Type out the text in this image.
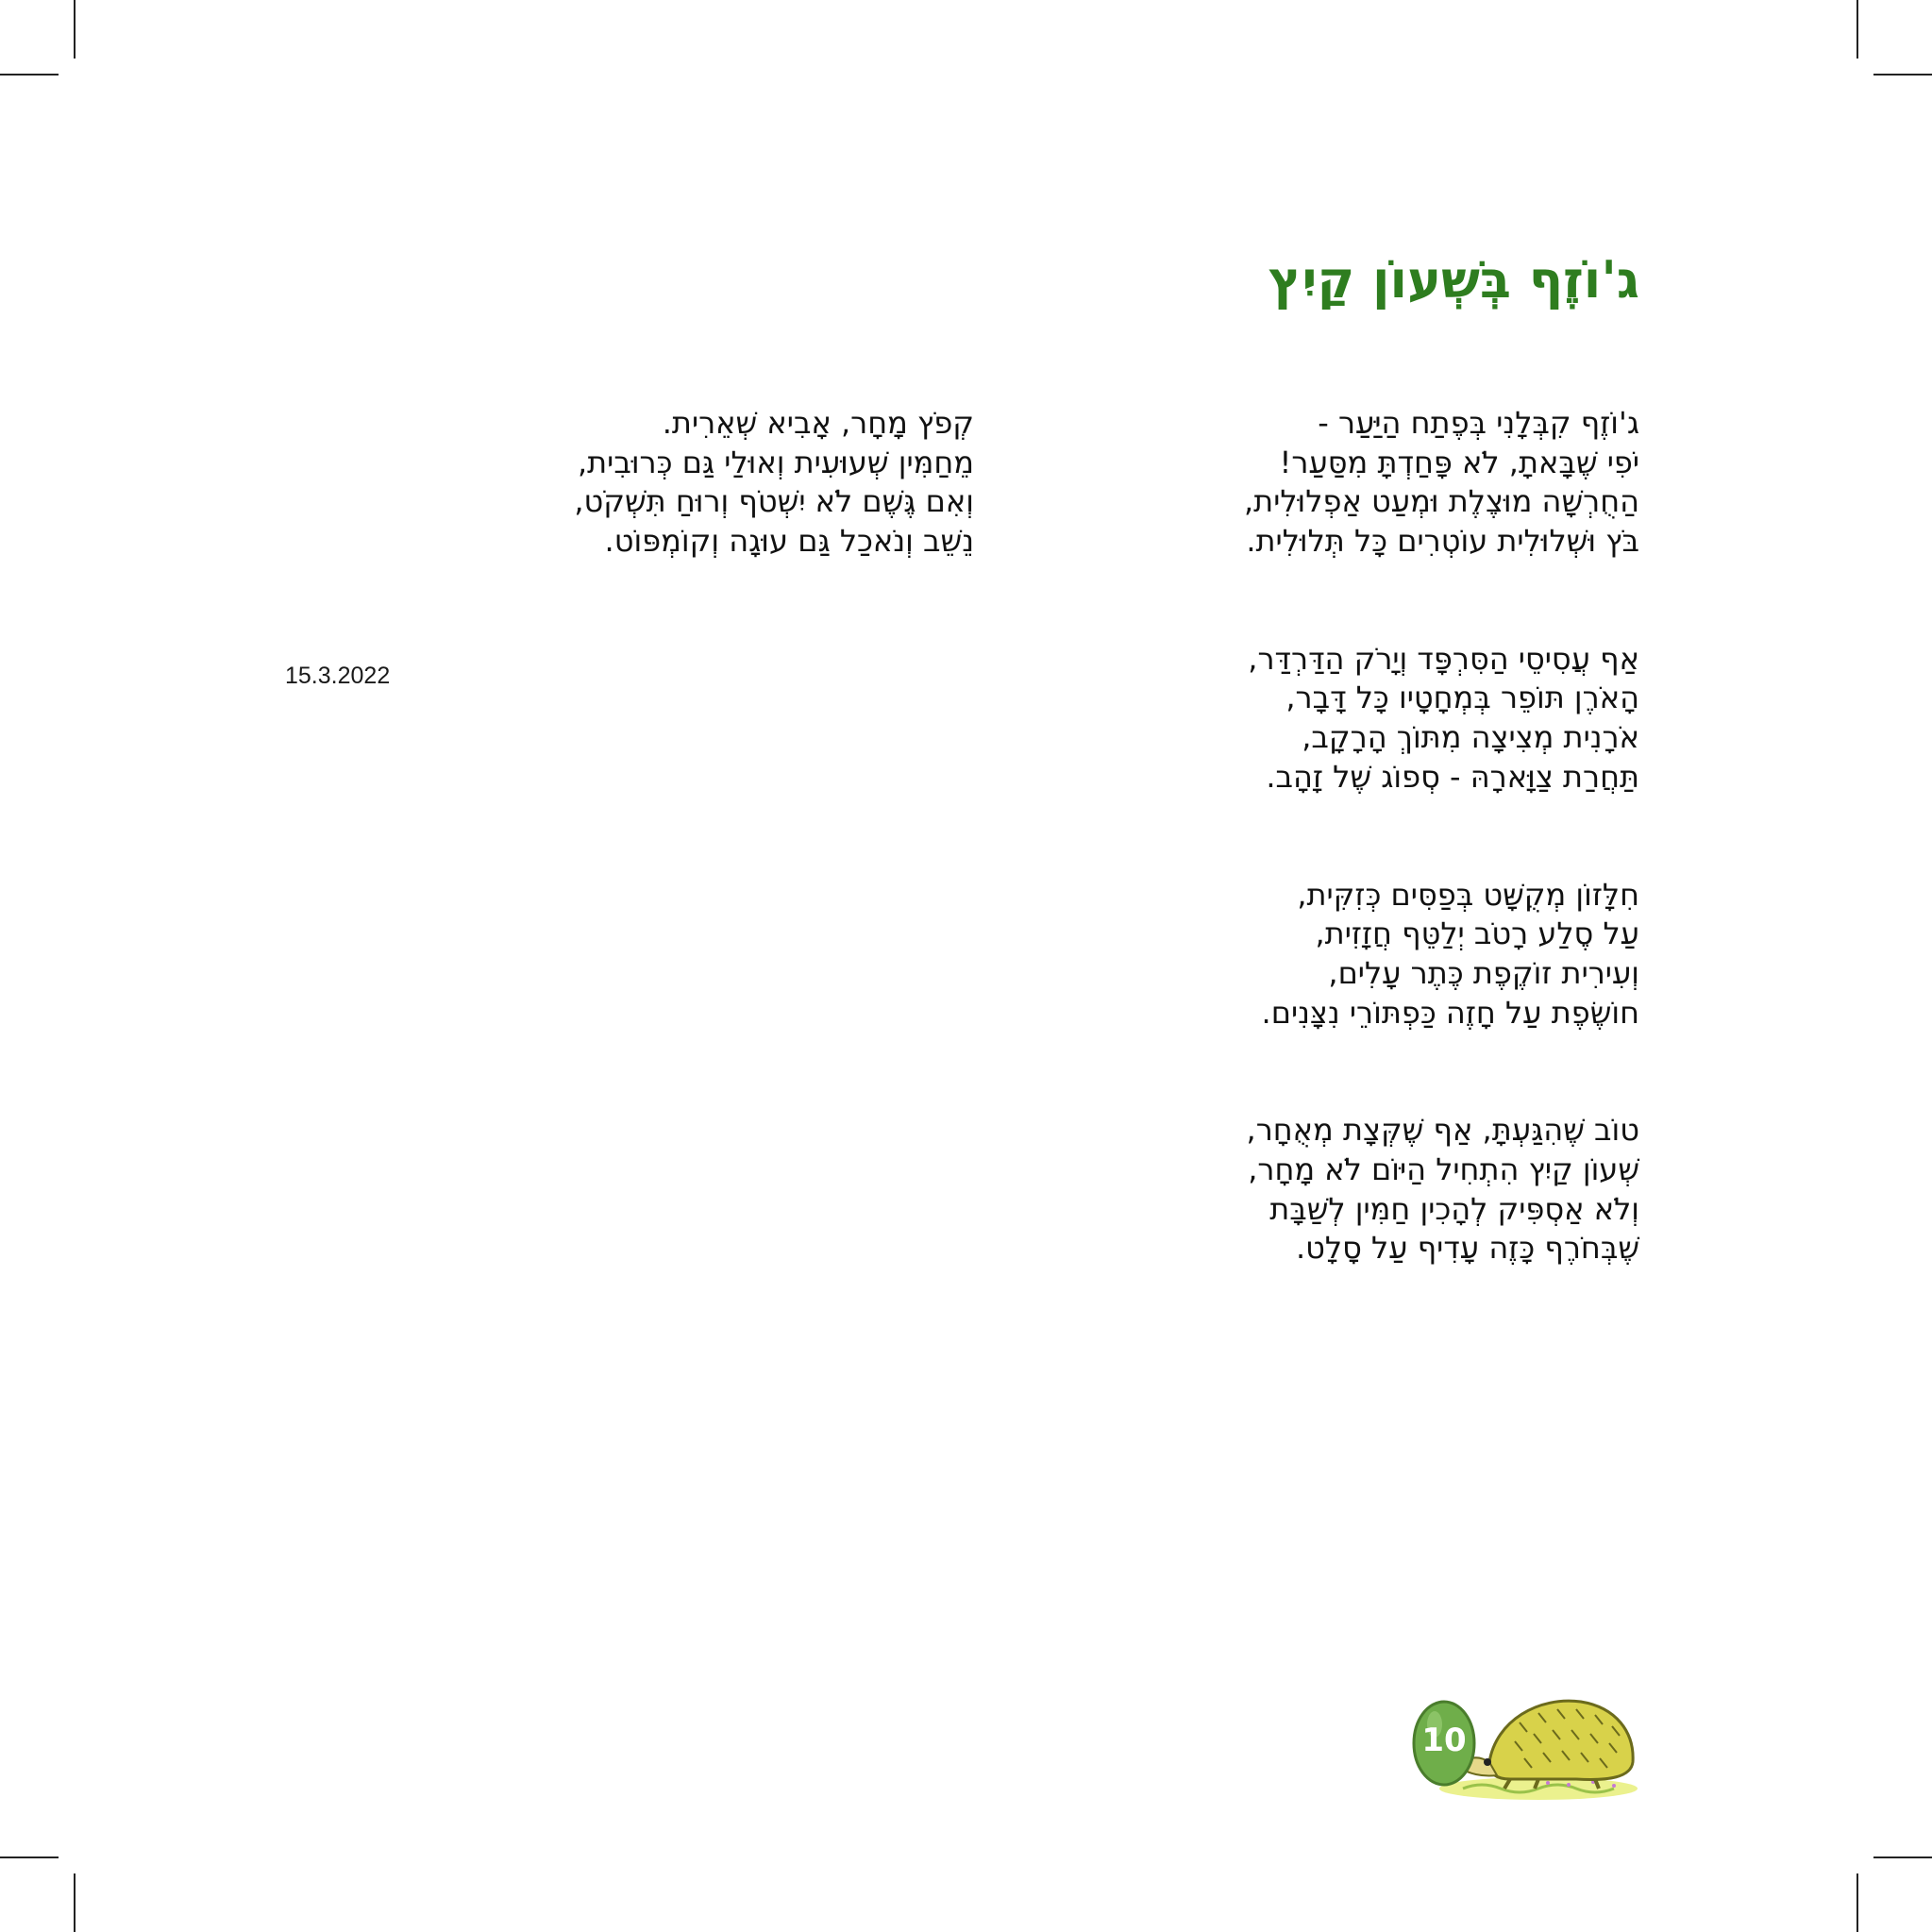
ג'וֹזֶף בְּשְׁעוֹן קַיִץ
ג'וֹזֶף קִבְּלָנִי בְּפֶתַח הַיַּעַר -
יֹפִי שֶׁבָּאתָ, לֹא פָּחַדְתָּ מִסַּעַר!
הַחֻרְשָׁה מוּצֶלֶת וּמְעַט אַפְלוּלִית,
בֹּץ וּשְׁלוּלִית עוֹטְרִים כָּל תְּלוּלִית.
אַף עֲסִיסֵי הַסִּרְפָּד וְיָרֹק הַדַּרְדַּר,
הָאֹרֶן תּוֹפֵר בְּמְחָטָיו כָּל דָּבָר,
אֹרָנִית מְצִיצָה מִתּוֹךְ הָרָקָב,
תַּחֲרַת צַוָּארָהּ - סְפוֹג שֶׁל זָהָב.
חִלָּזוֹן מְקֻשָּׁט בְּפַסִּים כְּזִקִּית,
עַל סֶלַע רָטֹב יְלַטֵּף חֲזָזִית,
וְעִירִית זוֹקֶפֶת כֶּתֶר עָלִים,
חוֹשֶׂפֶת עַל חָזֶה כַּפְתּוֹרֵי נִצָּנִים.
טוֹב שֶׁהִגַּעְתָּ, אַף שֶׁקְּצָת מְאֻחָר,
שְׁעוֹן קַיִץ הִתְחִיל הַיּוֹם לֹא מָחָר,
וְלֹא אַסְפִּיק לְהָכִין חַמִּין לְשַׁבָּת
שֶׁבְּחֹרֶף כָּזֶה עָדִיף עַל סָלָט.
קְפֹץ מָחָר, אָבִיא שְׁאֵרִית.
מֵחַמִּין שְׁעוּעִית וְאוּלַי גַּם כְּרוּבִית,
וְאִם גֶּשֶׁם לֹא יִשְׁטֹף וְרוּחַ תִּשְׁקֹט,
נֵשֵׁב וְנֹאכַל גַּם עוּגָה וְקוֹמְפּוֹט.
15.3.2022
10
